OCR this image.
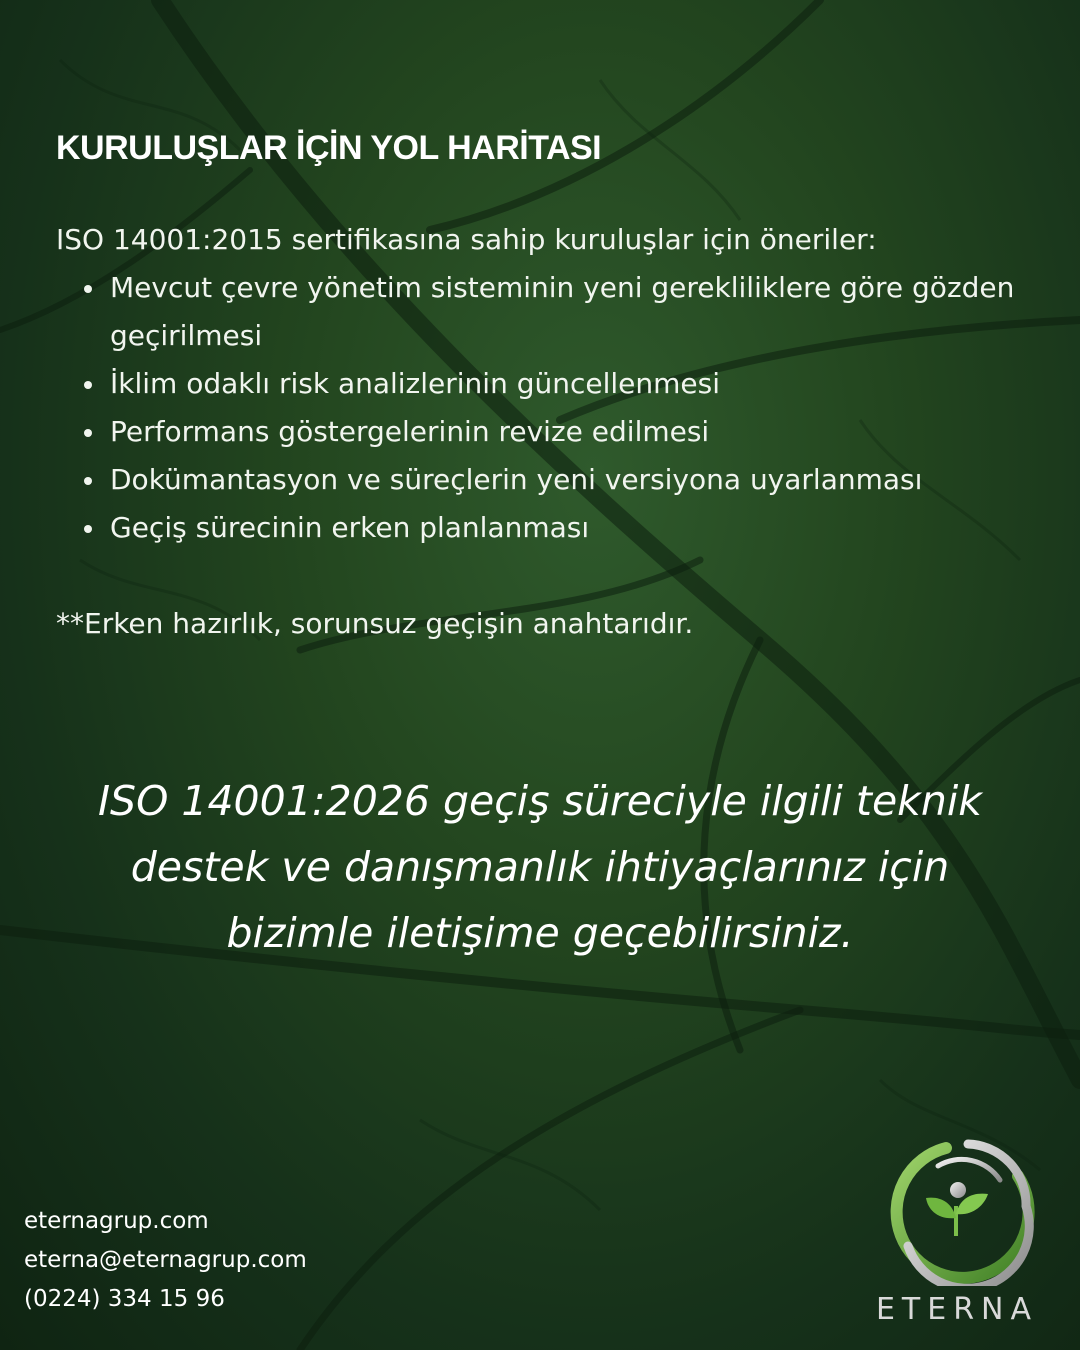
KURULUŞLAR İÇİN YOL HARİTASI

ISO 14001:2015 sertifikasına sahip kuruluşlar için öneriler:

Mevcut çevre yönetim sisteminin yeni gerekliliklere göre gözden geçirilmesi
İklim odaklı risk analizlerinin güncellenmesi
Performans göstergelerinin revize edilmesi
Dokümantasyon ve süreçlerin yeni versiyona uyarlanması
Geçiş sürecinin erken planlanması

**Erken hazırlık, sorunsuz geçişin anahtarıdır.

ISO 14001:2026 geçiş süreciyle ilgili teknik
destek ve danışmanlık ihtiyaçlarınız için
bizimle iletişime geçebilirsiniz.
eternagrup.com
eterna@eternagrup.com
(0224) 334 15 96	ETERNA
